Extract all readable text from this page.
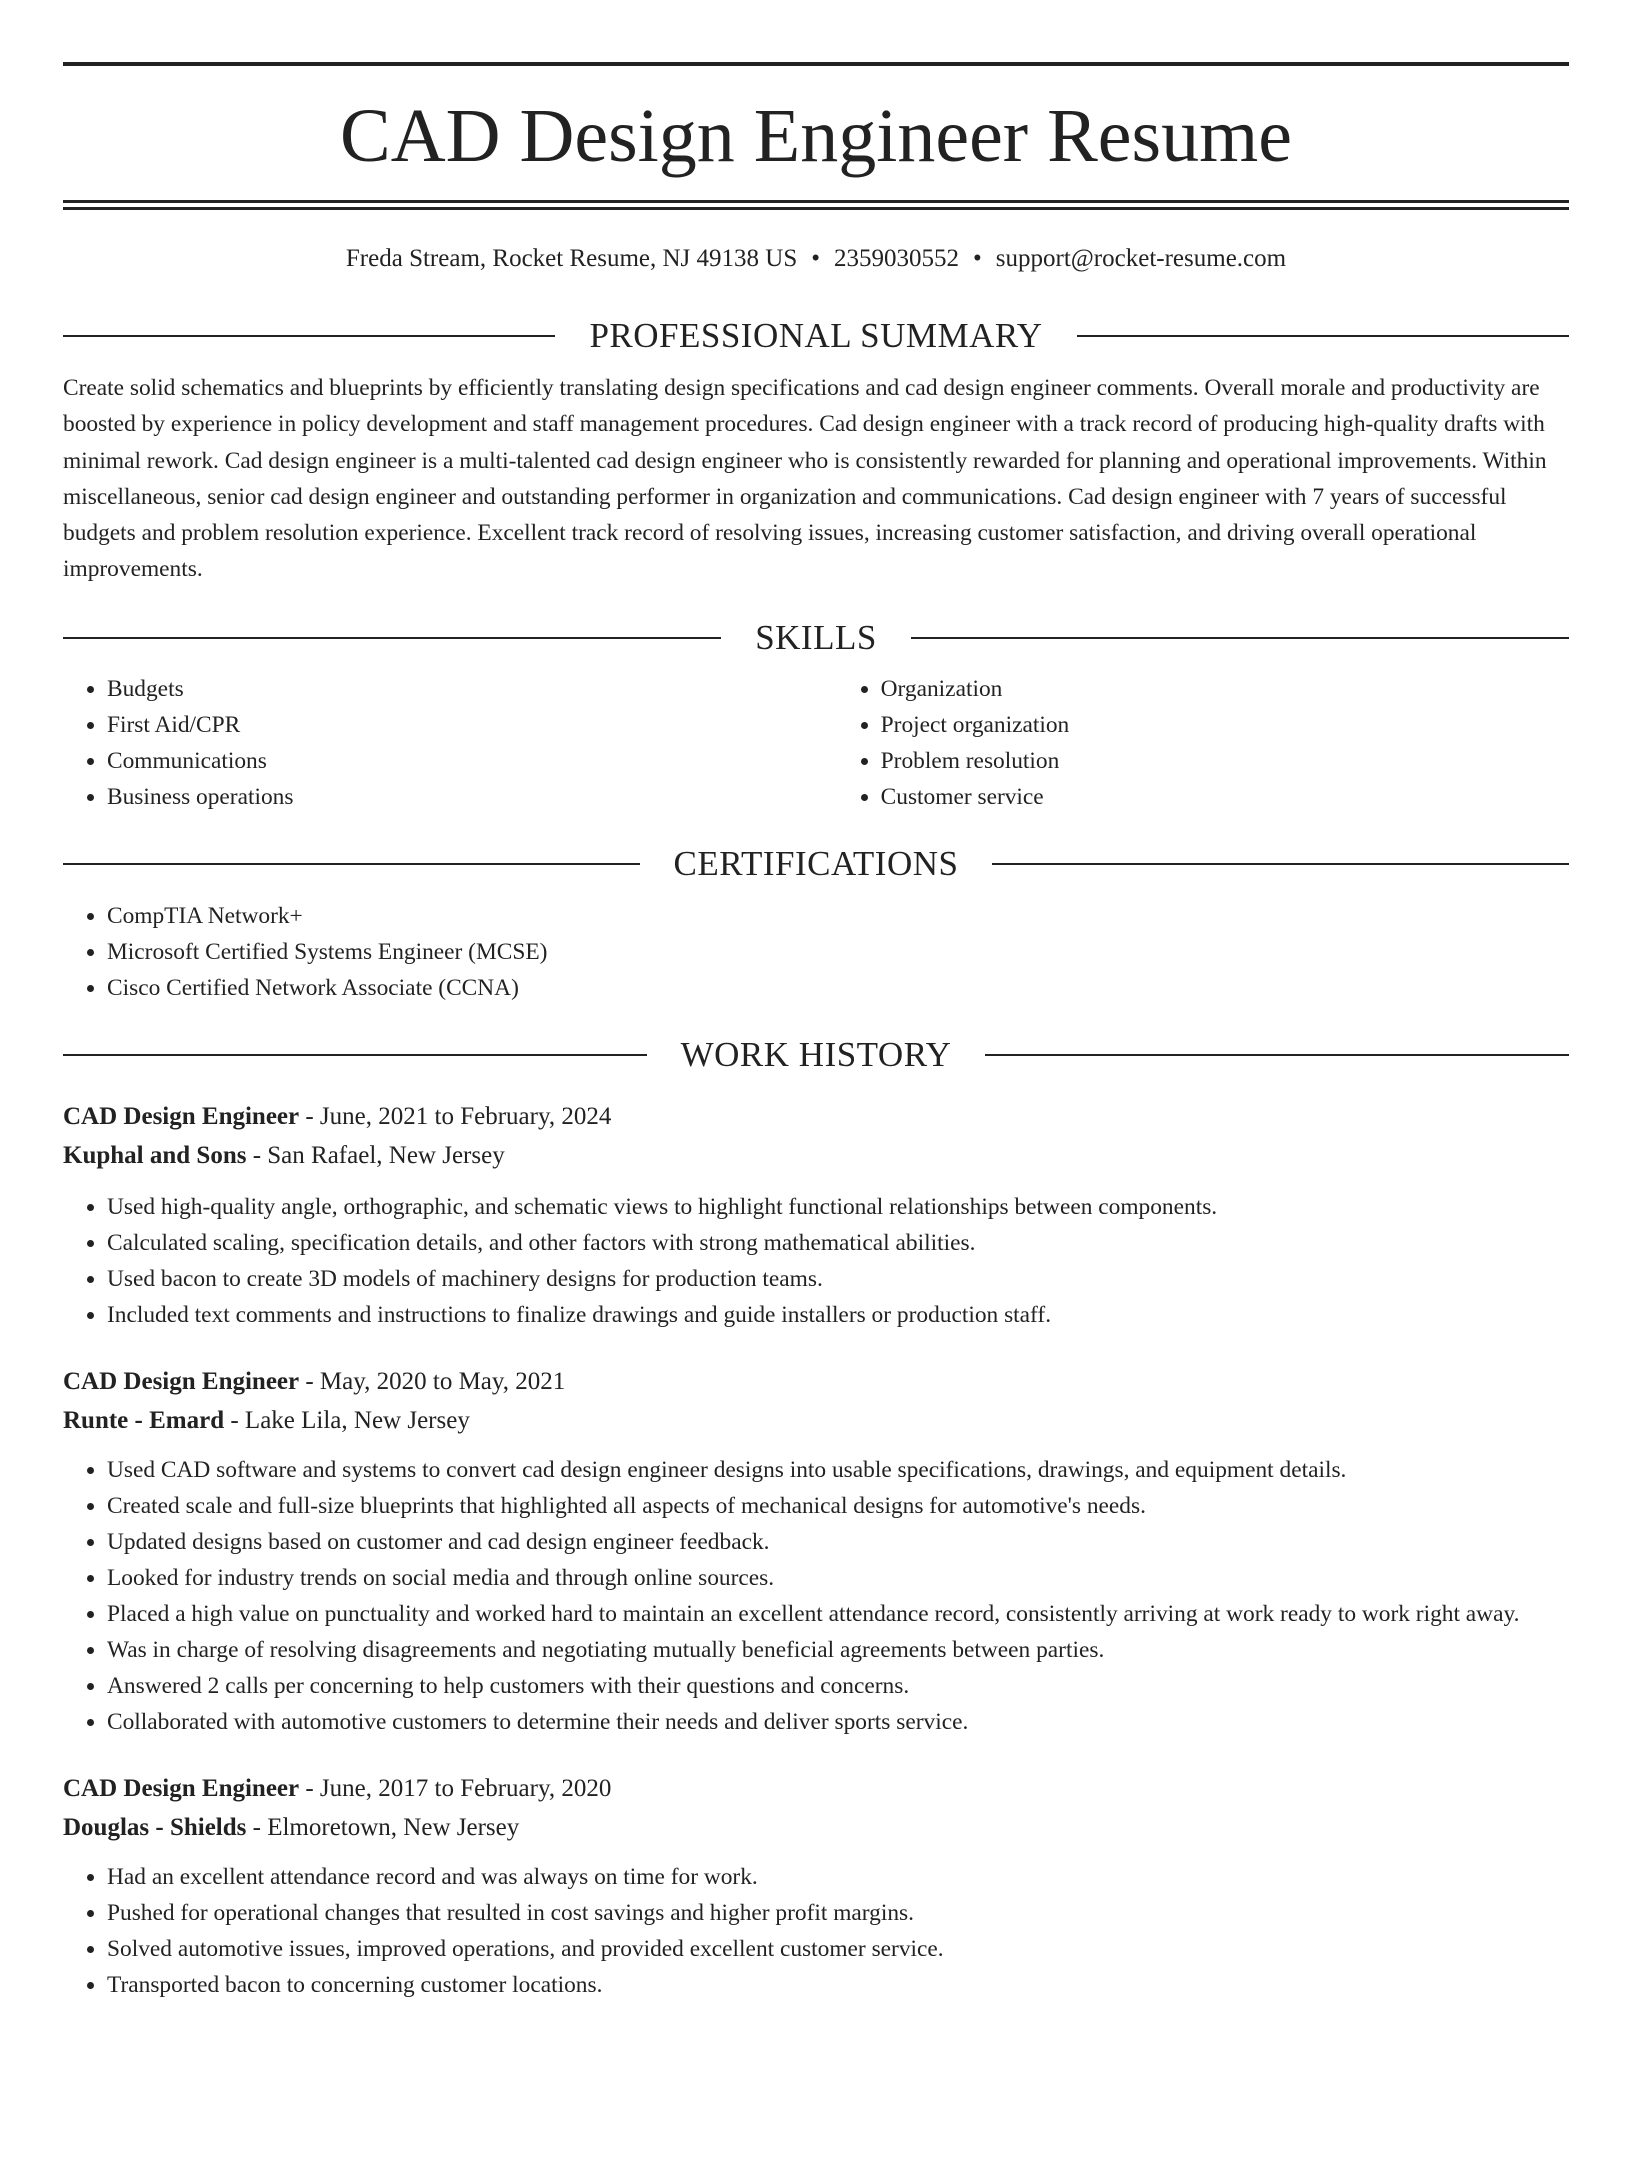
CAD Design Engineer Resume
Freda Stream, Rocket Resume, NJ 49138 US • 2359030552 • support@rocket-resume.com
PROFESSIONAL SUMMARY

Create solid schematics and blueprints by efficiently translating design specifications and cad design engineer comments. Overall morale and productivity are boosted by experience in policy development and staff management procedures. Cad design engineer with a track record of producing high-quality drafts with minimal rework. Cad design engineer is a multi-talented cad design engineer who is consistently rewarded for planning and operational improvements. Within miscellaneous, senior cad design engineer and outstanding performer in organization and communications. Cad design engineer with 7 years of successful budgets and problem resolution experience. Excellent track record of resolving issues, increasing customer satisfaction, and driving overall operational improvements.

SKILLS
• Budgets
• First Aid/CPR
• Communications
• Business operations
• Organization
• Project organization
• Problem resolution
• Customer service
CERTIFICATIONS
• CompTIA Network+
• Microsoft Certified Systems Engineer (MCSE)
• Cisco Certified Network Associate (CCNA)
WORK HISTORY
CAD Design Engineer - June, 2021 to February, 2024
Kuphal and Sons - San Rafael, New Jersey
• Used high-quality angle, orthographic, and schematic views to highlight functional relationships between components.
• Calculated scaling, specification details, and other factors with strong mathematical abilities.
• Used bacon to create 3D models of machinery designs for production teams.
• Included text comments and instructions to finalize drawings and guide installers or production staff.
CAD Design Engineer - May, 2020 to May, 2021
Runte - Emard - Lake Lila, New Jersey
• Used CAD software and systems to convert cad design engineer designs into usable specifications, drawings, and equipment details.
• Created scale and full-size blueprints that highlighted all aspects of mechanical designs for automotive's needs.
• Updated designs based on customer and cad design engineer feedback.
• Looked for industry trends on social media and through online sources.
• Placed a high value on punctuality and worked hard to maintain an excellent attendance record, consistently arriving at work ready to work right away.
• Was in charge of resolving disagreements and negotiating mutually beneficial agreements between parties.
• Answered 2 calls per concerning to help customers with their questions and concerns.
• Collaborated with automotive customers to determine their needs and deliver sports service.
CAD Design Engineer - June, 2017 to February, 2020
Douglas - Shields - Elmoretown, New Jersey
• Had an excellent attendance record and was always on time for work.
• Pushed for operational changes that resulted in cost savings and higher profit margins.
• Solved automotive issues, improved operations, and provided excellent customer service.
• Transported bacon to concerning customer locations.
